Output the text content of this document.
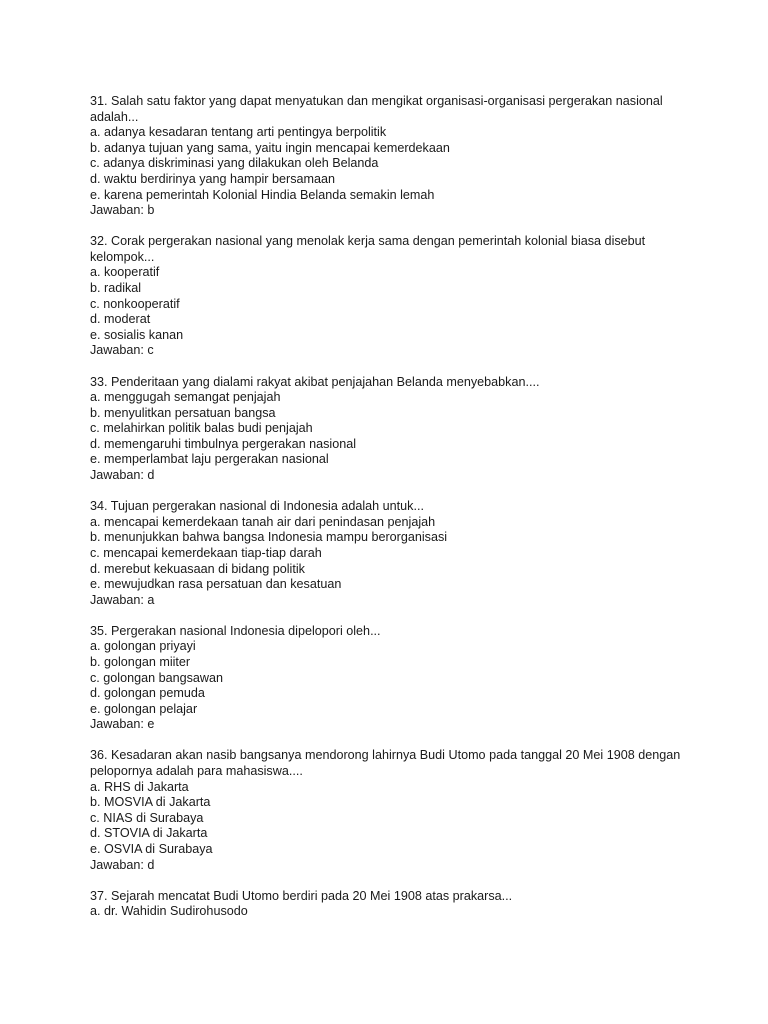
31. Salah satu faktor yang dapat menyatukan dan mengikat organisasi-organisasi pergerakan nasional adalah...
a. adanya kesadaran tentang arti pentingya berpolitik
b. adanya tujuan yang sama, yaitu ingin mencapai kemerdekaan
c. adanya diskriminasi yang dilakukan oleh Belanda
d. waktu berdirinya yang hampir bersamaan
e. karena pemerintah Kolonial Hindia Belanda semakin lemah
Jawaban: b
32. Corak pergerakan nasional yang menolak kerja sama dengan pemerintah kolonial biasa disebut kelompok...
a. kooperatif
b. radikal
c. nonkooperatif
d. moderat
e. sosialis kanan
Jawaban: c
33. Penderitaan yang dialami rakyat akibat penjajahan Belanda menyebabkan....
a. menggugah semangat penjajah
b. menyulitkan persatuan bangsa
c. melahirkan politik balas budi penjajah
d. memengaruhi timbulnya pergerakan nasional
e. memperlambat laju pergerakan nasional
Jawaban: d
34. Tujuan pergerakan nasional di Indonesia adalah untuk...
a. mencapai kemerdekaan tanah air dari penindasan penjajah
b. menunjukkan bahwa bangsa Indonesia mampu berorganisasi
c. mencapai kemerdekaan tiap-tiap darah
d. merebut kekuasaan di bidang politik
e. mewujudkan rasa persatuan dan kesatuan
Jawaban: a
35. Pergerakan nasional Indonesia dipelopori oleh...
a. golongan priyayi
b. golongan miiter
c. golongan bangsawan
d. golongan pemuda
e. golongan pelajar
Jawaban: e
36. Kesadaran akan nasib bangsanya mendorong lahirnya Budi Utomo pada tanggal 20 Mei 1908 dengan pelopornya adalah para mahasiswa....
a. RHS di Jakarta
b. MOSVIA di Jakarta
c. NIAS di Surabaya
d. STOVIA di Jakarta
e. OSVIA di Surabaya
Jawaban: d
37. Sejarah mencatat Budi Utomo berdiri pada 20 Mei 1908 atas prakarsa...
a. dr. Wahidin Sudirohusodo
